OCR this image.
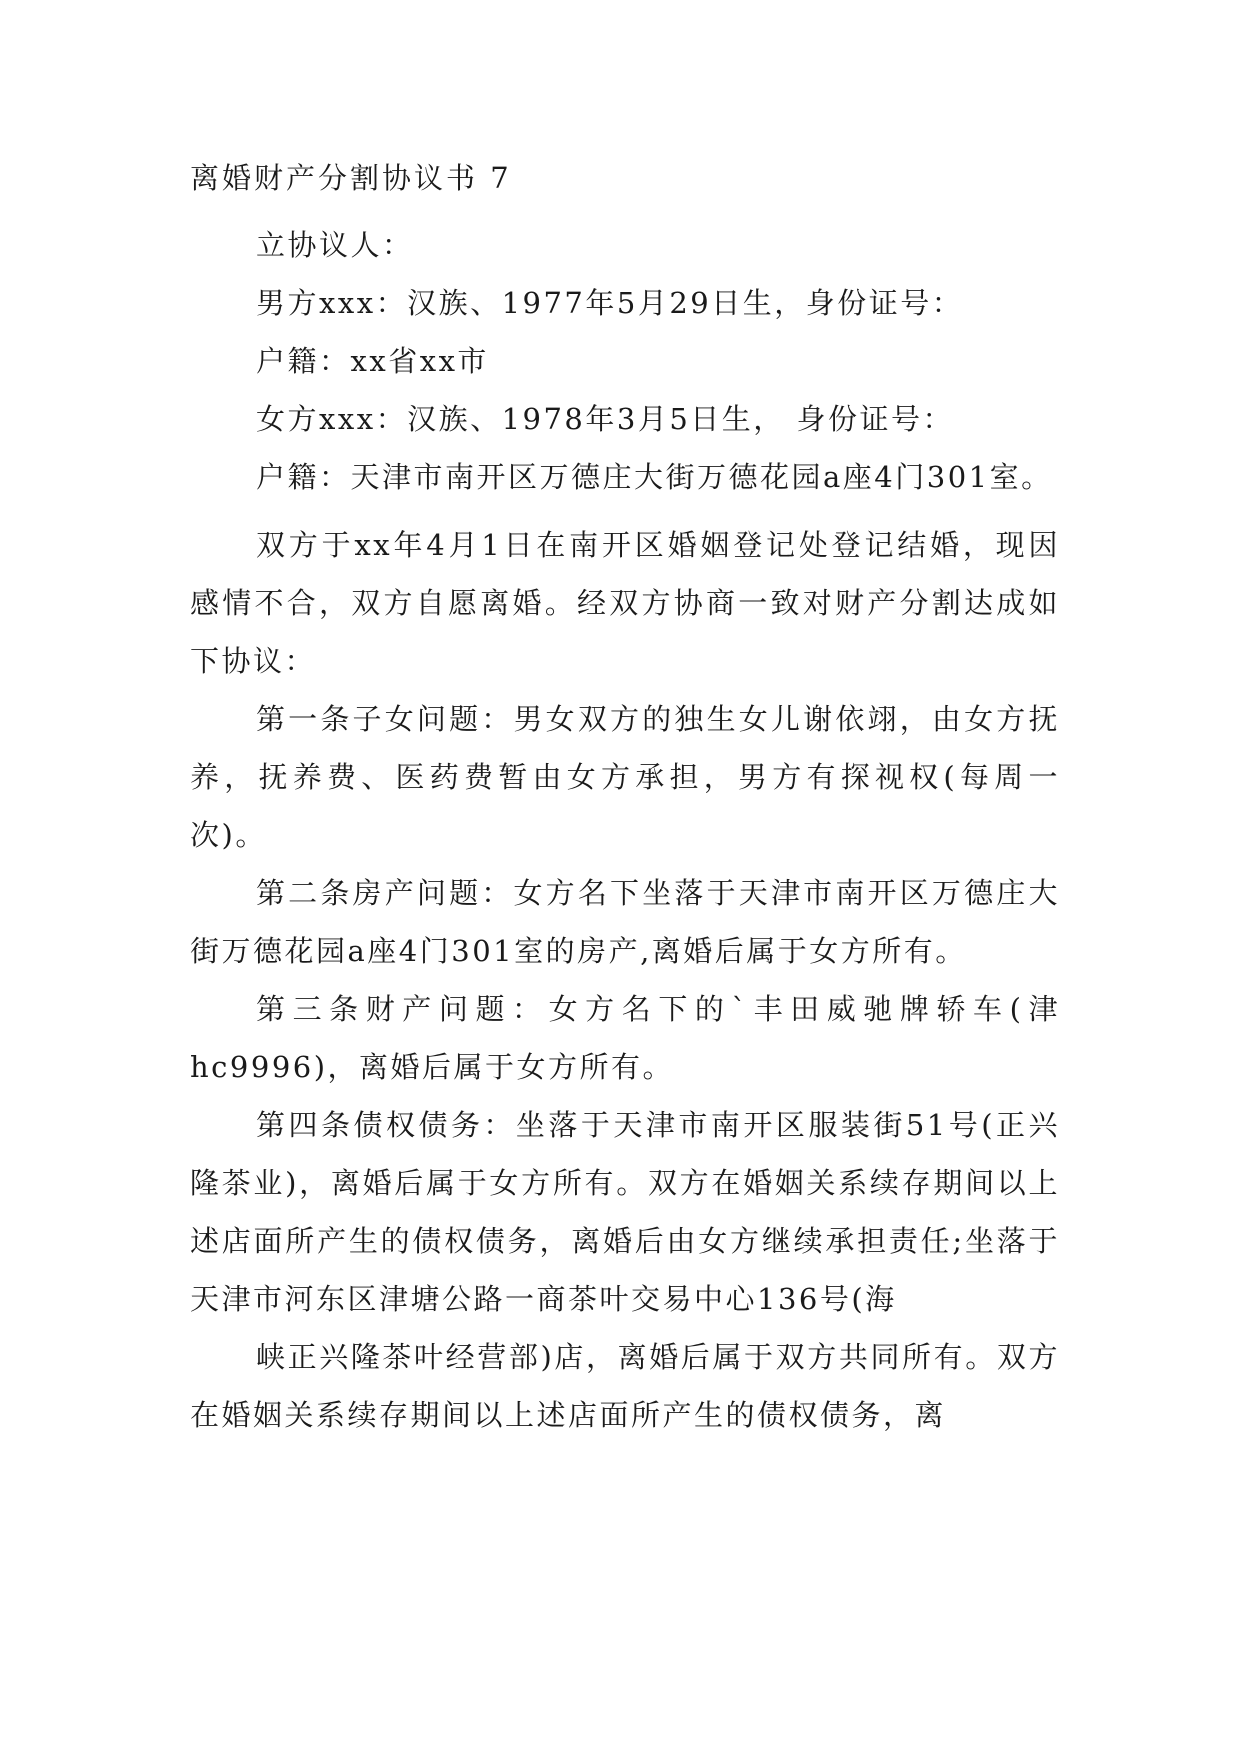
离婚财产分割协议书 7

立协议人：

男方xxx：汉族、1977年5月29日生，身份证号：

户籍：xx省xx市

女方xxx：汉族、1978年3月5日生， 身份证号：

户籍：天津市南开区万德庄大街万德花园a座4门301室。

双方于xx年4月1日在南开区婚姻登记处登记结婚，现因感情不合，双方自愿离婚。经双方协商一致对财产分割达成如下协议：

第一条子女问题：男女双方的独生女儿谢依翊，由女方抚养，抚养费、医药费暂由女方承担，男方有探视权(每周一次)。

第二条房产问题：女方名下坐落于天津市南开区万德庄大街万德花园a座4门301室的房产,离婚后属于女方所有。

第三条财产问题：女方名下的`丰田威驰牌轿车(津hc9996)，离婚后属于女方所有。

第四条债权债务：坐落于天津市南开区服装街51号(正兴隆茶业)，离婚后属于女方所有。双方在婚姻关系续存期间以上述店面所产生的债权债务，离婚后由女方继续承担责任;坐落于天津市河东区津塘公路一商茶叶交易中心136号(海

峡正兴隆茶叶经营部)店，离婚后属于双方共同所有。双方在婚姻关系续存期间以上述店面所产生的债权债务，离
